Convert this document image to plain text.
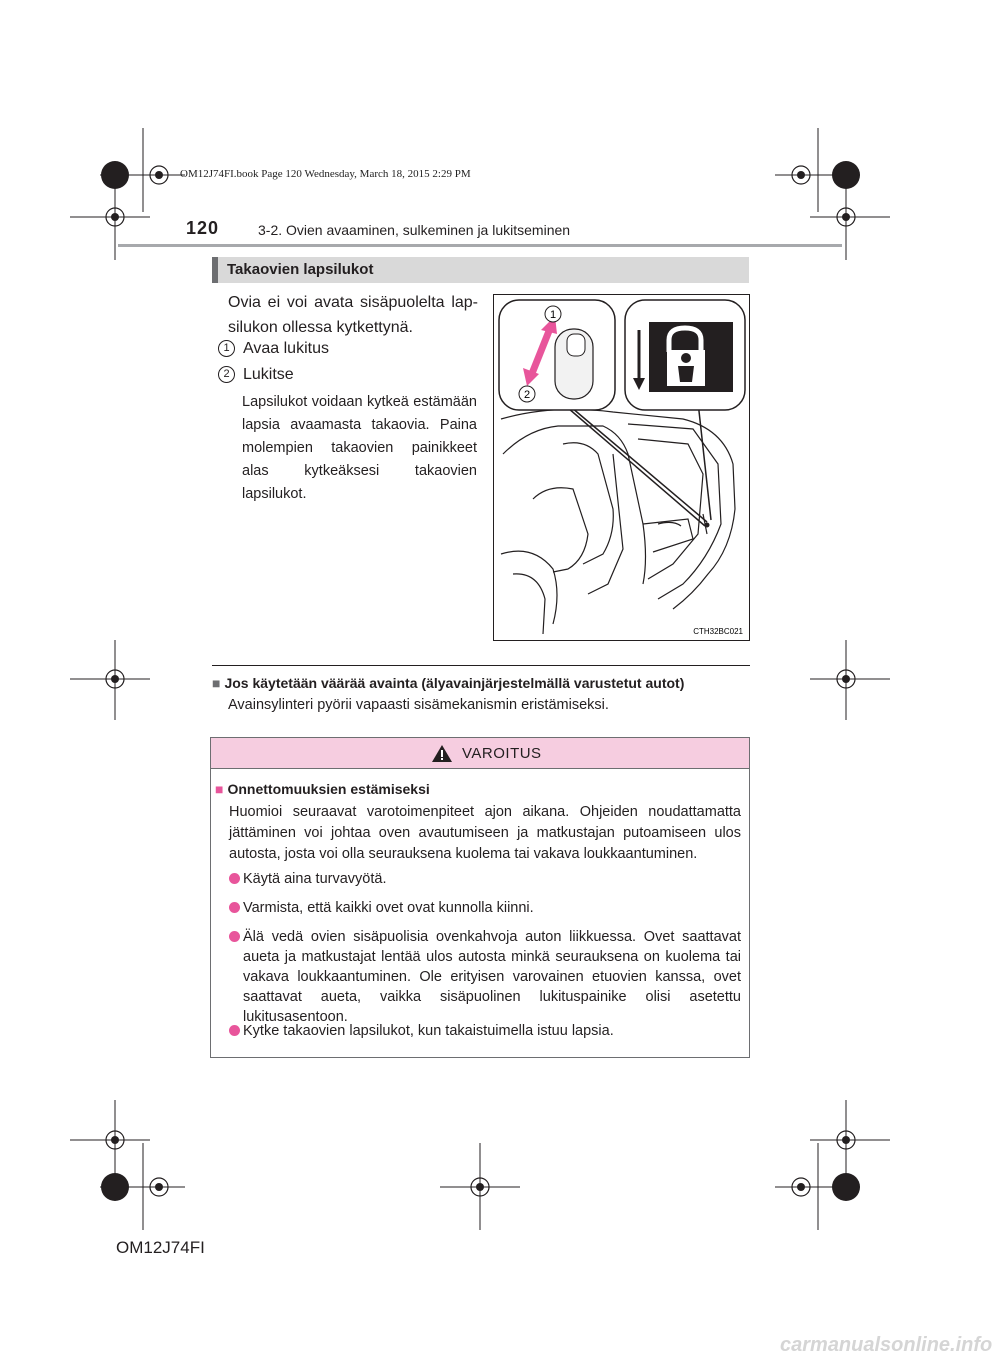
OM12J74FI.book Page 120 Wednesday, March 18, 2015 2:29 PM
120	3-2. Ovien avaaminen, sulkeminen ja lukitseminen
Takaovien lapsilukot
Ovia ei voi avata sisäpuolelta lapsilukon ollessa kytkettynä.
1 Avaa lukitus
2 Lukitse
Lapsilukot voidaan kytkeä estämään lapsia avaamasta takaovia. Paina molempien takaovien painikkeet alas kytkeäksesi takaovien lapsilukot.
1
2
CTH32BC021
■ Jos käytetään väärää avainta (älyavainjärjestelmällä varustetut autot)
Avainsylinteri pyörii vapaasti sisämekanismin eristämiseksi.
VAROITUS
■ Onnettomuuksien estämiseksi
Huomioi seuraavat varotoimenpiteet ajon aikana. Ohjeiden noudattamatta jättäminen voi johtaa oven avautumiseen ja matkustajan putoamiseen ulos autosta, josta voi olla seurauksena kuolema tai vakava loukkaantuminen.
Käytä aina turvavyötä.
Varmista, että kaikki ovet ovat kunnolla kiinni.
Älä vedä ovien sisäpuolisia ovenkahvoja auton liikkuessa. Ovet saattavat aueta ja matkustajat lentää ulos autosta minkä seurauksena on kuolema tai vakava loukkaantuminen. Ole erityisen varovainen etuovien kanssa, ovet saattavat aueta, vaikka sisäpuolinen lukituspainike olisi asetettu lukitusasentoon.
Kytke takaovien lapsilukot, kun takaistuimella istuu lapsia.
OM12J74FI
carmanualsonline.info
